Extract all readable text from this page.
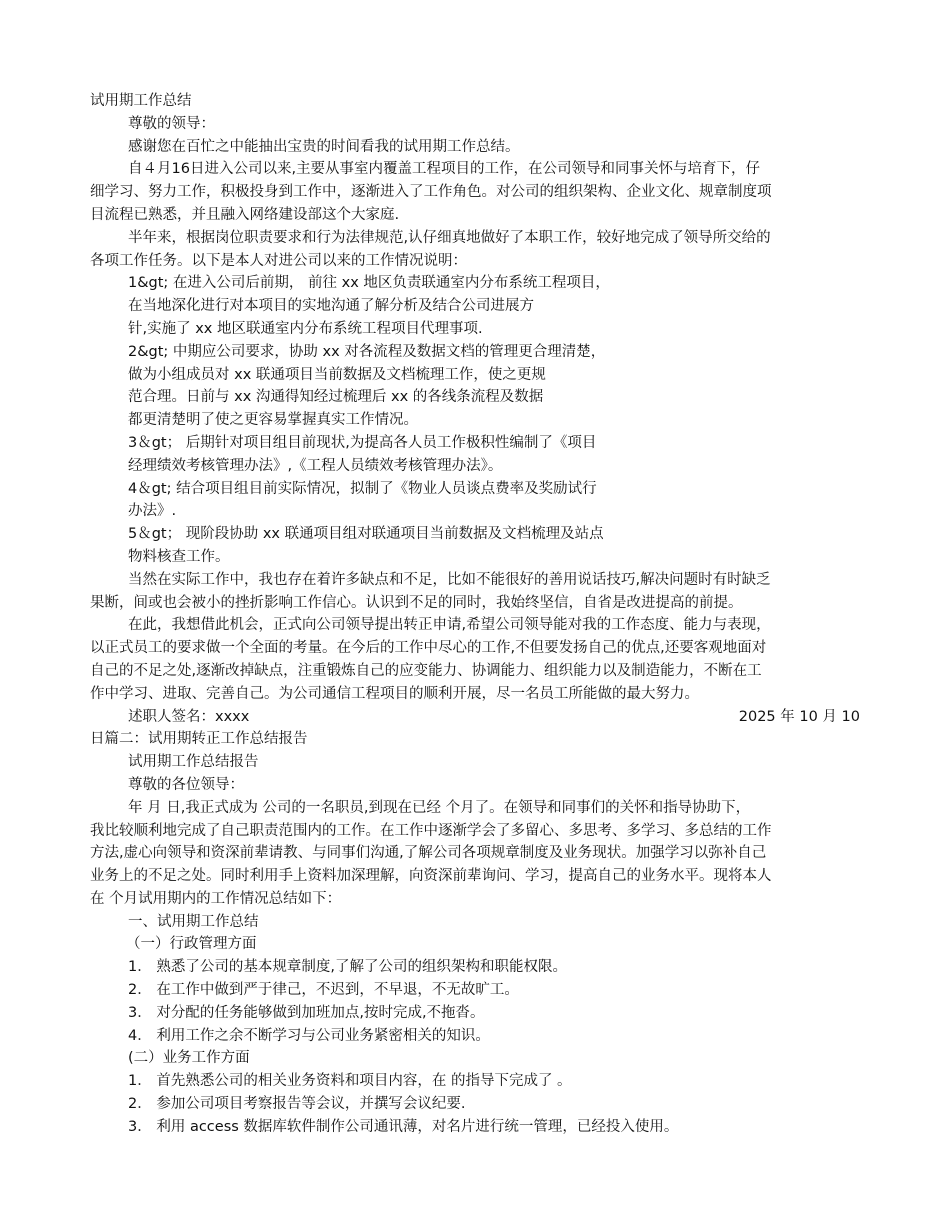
试用期工作总结
尊敬的领导：
感谢您在百忙之中能抽出宝贵的时间看我的试用期工作总结。
自４月16日进入公司以来,主要从事室内覆盖工程项目的工作，在公司领导和同事关怀与培育下，仔
细学习、努力工作，积极投身到工作中，逐渐进入了工作角色。对公司的组织架构、企业文化、规章制度项
目流程已熟悉，并且融入网络建设部这个大家庭.
半年来，根据岗位职责要求和行为法律规范,认仔细真地做好了本职工作，较好地完成了领导所交给的
各项工作任务。以下是本人对进公司以来的工作情况说明：
1&gt; 在进入公司后前期， 前往 xx 地区负责联通室内分布系统工程项目，
在当地深化进行对本项目的实地沟通了解分析及结合公司进展方
针,实施了 xx 地区联通室内分布系统工程项目代理事项.
2&gt; 中期应公司要求，协助 xx 对各流程及数据文档的管理更合理清楚，
做为小组成员对 xx 联通项目当前数据及文档梳理工作，使之更规
范合理。日前与 xx 沟通得知经过梳理后 xx 的各线条流程及数据
都更清楚明了使之更容易掌握真实工作情况。
3＆gt； 后期针对项目组目前现状,为提高各人员工作极积性编制了《项目
经理绩效考核管理办法》,《工程人员绩效考核管理办法》。
4＆gt; 结合项目组目前实际情况，拟制了《物业人员谈点费率及奖励试行
办法》.
5＆gt； 现阶段协助 xx 联通项目组对联通项目当前数据及文档梳理及站点
物料核查工作。
当然在实际工作中，我也存在着许多缺点和不足，比如不能很好的善用说话技巧,解决问题时有时缺乏
果断，间或也会被小的挫折影响工作信心。认识到不足的同时，我始终坚信，自省是改进提高的前提。
在此，我想借此机会，正式向公司领导提出转正申请,希望公司领导能对我的工作态度、能力与表现，
以正式员工的要求做一个全面的考量。在今后的工作中尽心的工作,不但要发扬自己的优点,还要客观地面对
自己的不足之处,逐渐改掉缺点，注重锻炼自己的应变能力、协调能力、组织能力以及制造能力，不断在工
作中学习、进取、完善自己。为公司通信工程项目的顺利开展，尽一名员工所能做的最大努力。
述职人签名：xxxx	2025 年 10 月 10
日篇二：试用期转正工作总结报告
试用期工作总结报告
尊敬的各位领导：
年 月 日,我正式成为 公司的一名职员,到现在已经 个月了。在领导和同事们的关怀和指导协助下，
我比较顺利地完成了自己职责范围内的工作。在工作中逐渐学会了多留心、多思考、多学习、多总结的工作
方法,虚心向领导和资深前辈请教、与同事们沟通,了解公司各项规章制度及业务现状。加强学习以弥补自己
业务上的不足之处。同时利用手上资料加深理解，向资深前辈询问、学习，提高自己的业务水平。现将本人
在 个月试用期内的工作情况总结如下：
一、试用期工作总结
（一）行政管理方面
1． 熟悉了公司的基本规章制度,了解了公司的组织架构和职能权限。
2． 在工作中做到严于律己，不迟到，不早退，不无故旷工。
3． 对分配的任务能够做到加班加点,按时完成,不拖沓。
4． 利用工作之余不断学习与公司业务紧密相关的知识。
(二）业务工作方面
1． 首先熟悉公司的相关业务资料和项目内容，在 的指导下完成了 。
2． 参加公司项目考察报告等会议，并撰写会议纪要.
3． 利用 access 数据库软件制作公司通讯薄，对名片进行统一管理，已经投入使用。
